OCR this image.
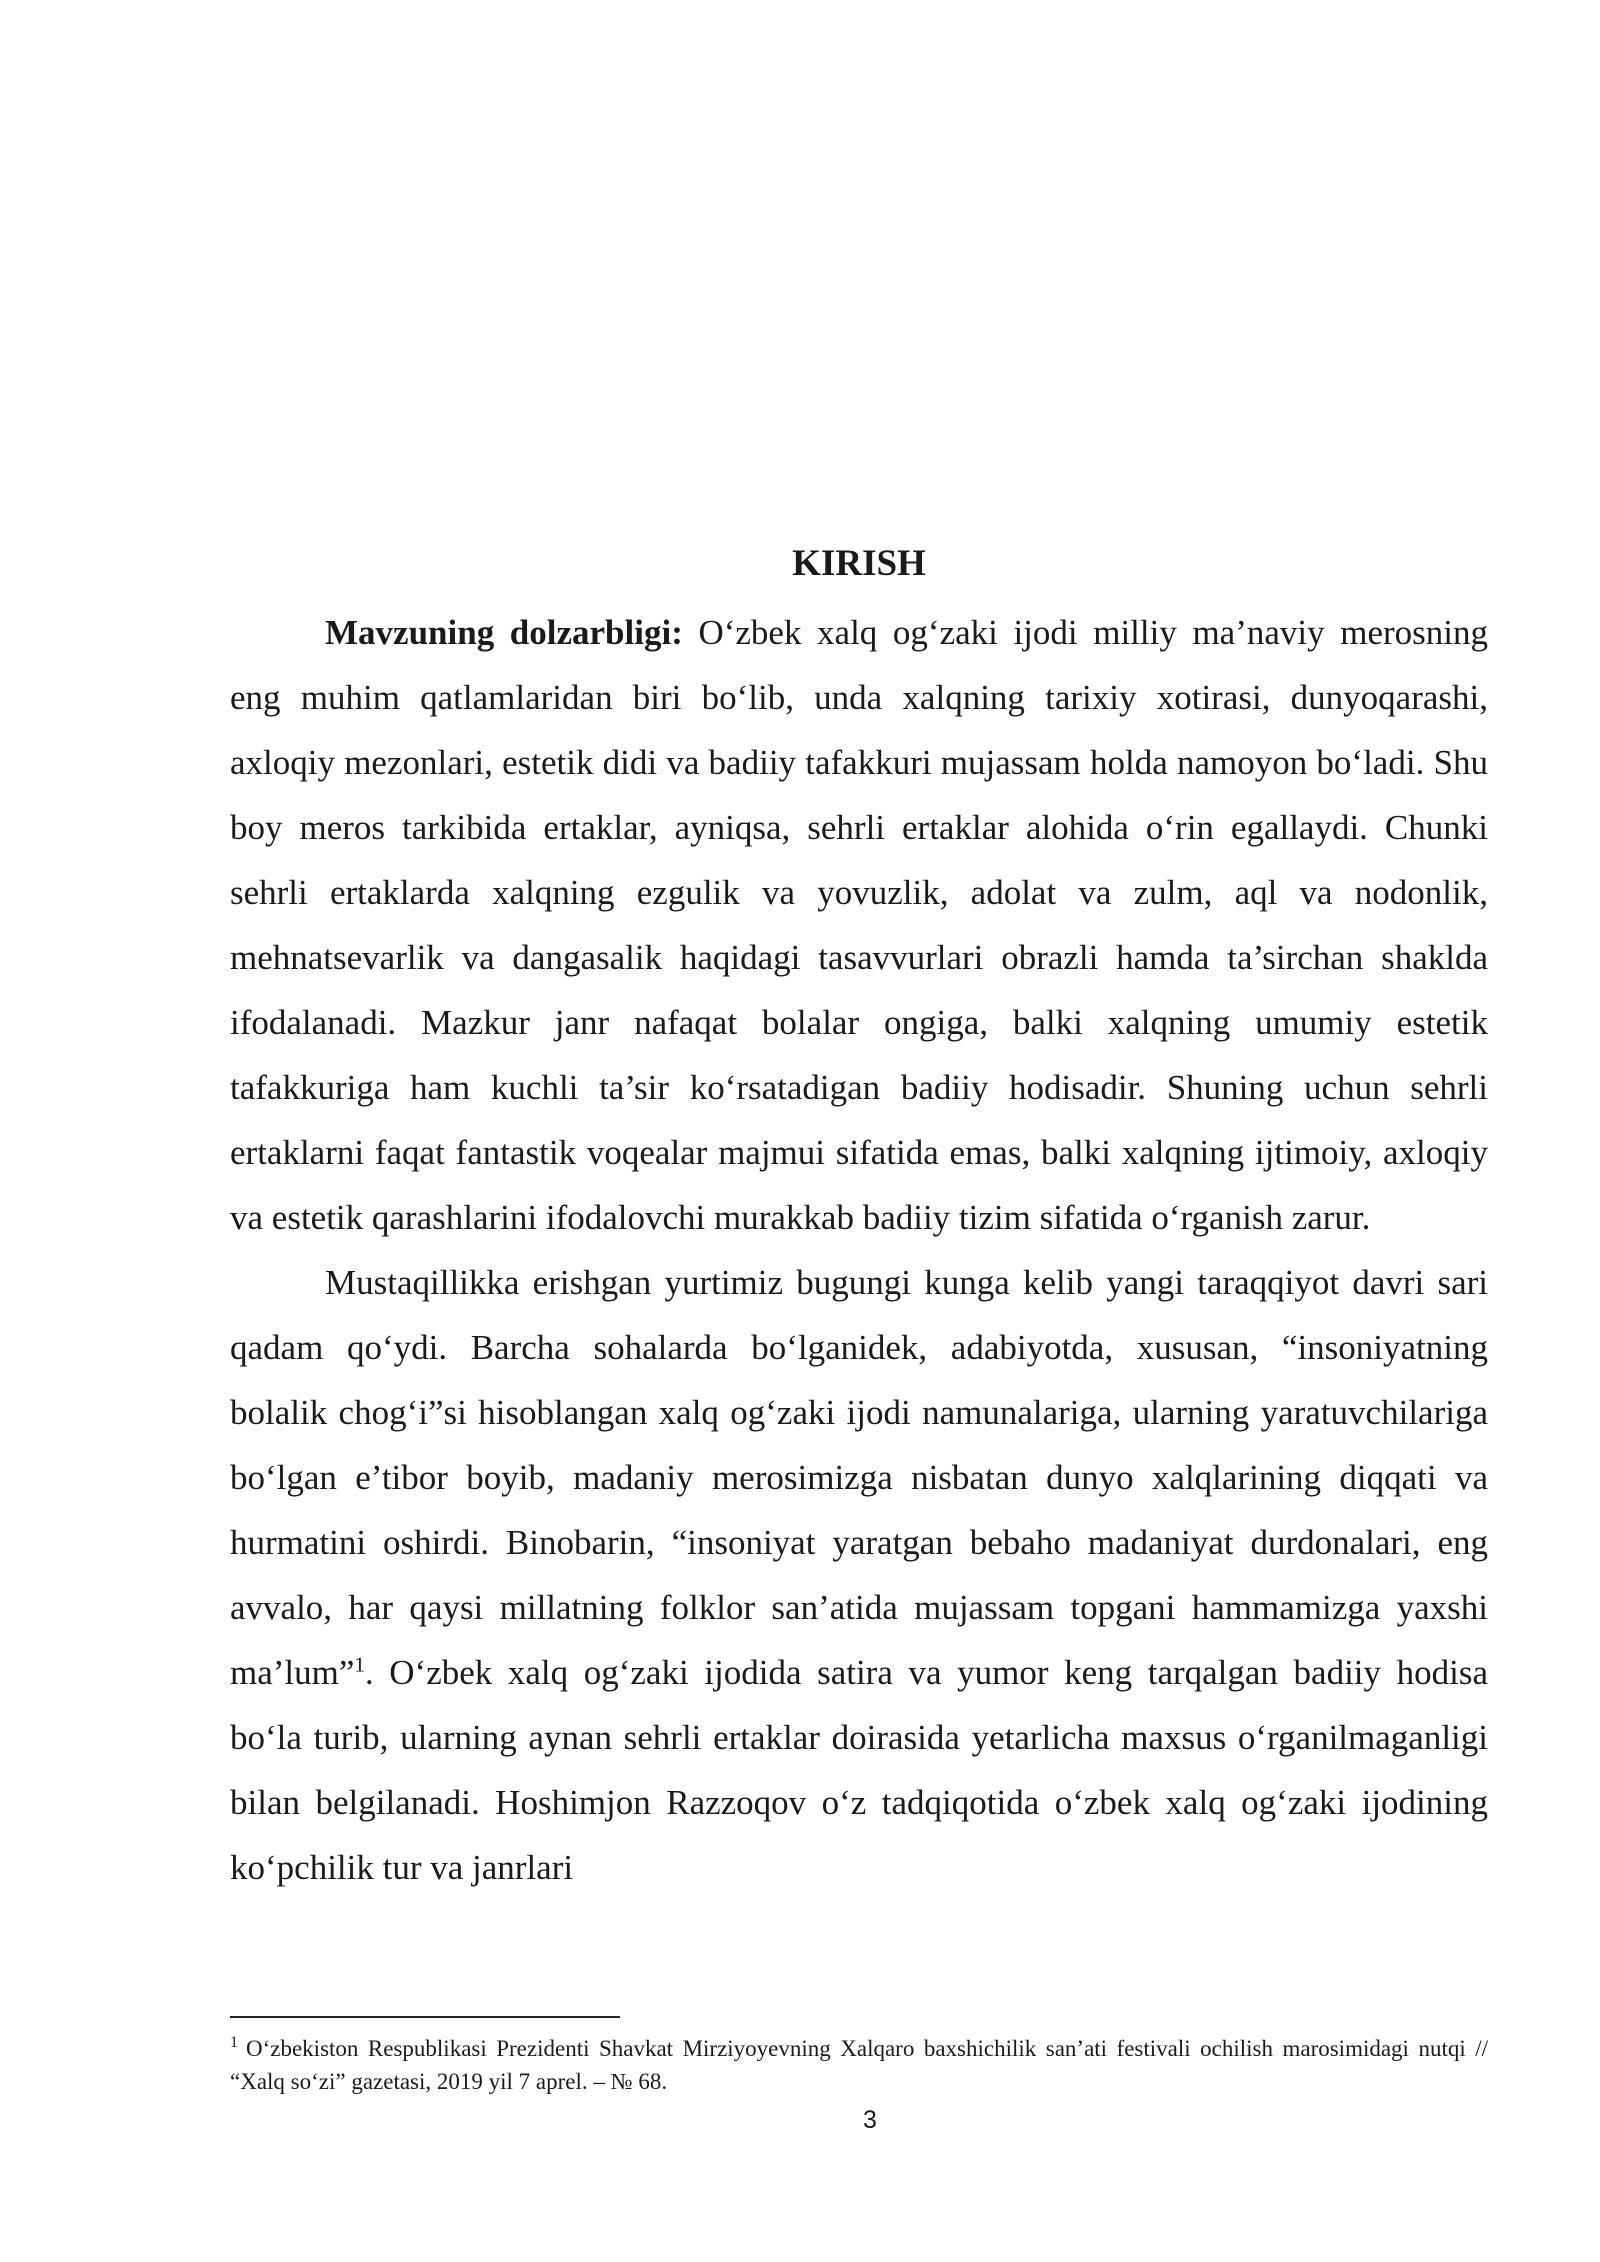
KIRISH

Mavzuning dolzarbligi: O‘zbek xalq og‘zaki ijodi milliy ma’naviy merosning eng muhim qatlamlaridan biri bo‘lib, unda xalqning tarixiy xotirasi, dunyoqarashi, axloqiy mezonlari, estetik didi va badiiy tafakkuri mujassam holda namoyon bo‘ladi. Shu boy meros tarkibida ertaklar, ayniqsa, sehrli ertaklar alohida o‘rin egallaydi. Chunki sehrli ertaklarda xalqning ezgulik va yovuzlik, adolat va zulm, aql va nodonlik, mehnatsevarlik va dangasalik haqidagi tasavvurlari obrazli hamda ta’sirchan shaklda ifodalanadi. Mazkur janr nafaqat bolalar ongiga, balki xalqning umumiy estetik tafakkuriga ham kuchli ta’sir ko‘rsatadigan badiiy hodisadir. Shuning uchun sehrli ertaklarni faqat fantastik voqealar majmui sifatida emas, balki xalqning ijtimoiy, axloqiy va estetik qarashlarini ifodalovchi murakkab badiiy tizim sifatida o‘rganish zarur.

Mustaqillikka erishgan yurtimiz bugungi kunga kelib yangi taraqqiyot davri sari qadam qo‘ydi. Barcha sohalarda bo‘lganidek, adabiyotda, xususan, “insoniyatning bolalik chog‘i”si hisoblangan xalq og‘zaki ijodi namunalariga, ularning yaratuvchilariga bo‘lgan e’tibor boyib, madaniy merosimizga nisbatan dunyo xalqlarining diqqati va hurmatini oshirdi. Binobarin, “insoniyat yaratgan bebaho madaniyat durdonalari, eng avvalo, har qaysi millatning folklor san’atida mujassam topgani hammamizga yaxshi ma’lum”$^1$. O‘zbek xalq og‘zaki ijodida satira va yumor keng tarqalgan badiiy hodisa bo‘la turib, ularning aynan sehrli ertaklar doirasida yetarlicha maxsus o‘rganilmaganligi bilan belgilanadi. Hoshimjon Razzoqov o‘z tadqiqotida o‘zbek xalq og‘zaki ijodining ko‘pchilik tur va janrlari

$^1$ O‘zbekiston Respublikasi Prezidenti Shavkat Mirziyoyevning Xalqaro baxshichilik san’ati festivali ochilish marosimidagi nutqi // “Xalq so‘zi” gazetasi, 2019 yil 7 aprel. – № 68.

3
